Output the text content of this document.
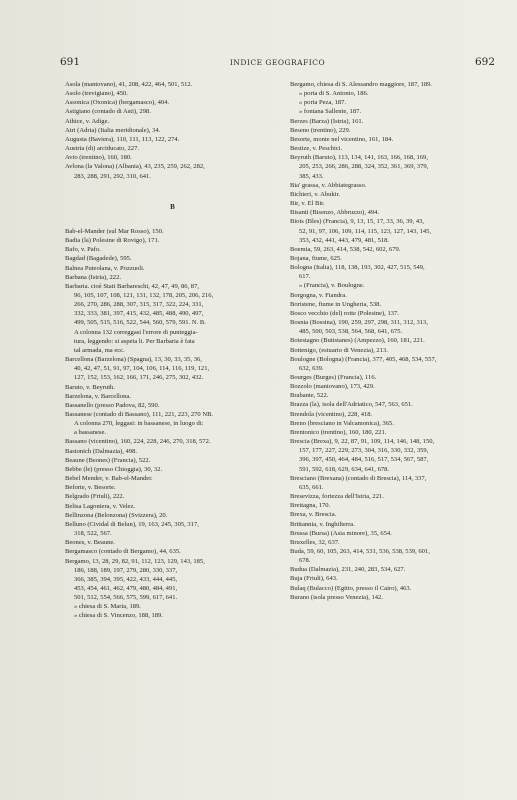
691	INDICE GEOGRAFICO	692
Asola (mantovano), 41, 208, 422, 464, 501, 512.
Asolo (trevigiano), 450.
Assonica (Oxonica) (bergamasco), 404.
Astigiano (contado di Asti), 298.
Athice, v. Adige.
Atri (Adria) (Italia meridionale), 34.
Augusta (Baviera), 110, 111, 113, 122, 274.
Austria (di) arciducato, 227.
Avio (trentino), 160, 180.
Avlona (la Valona) (Albania), 43, 235, 259, 262, 282,
283, 288, 291, 292, 310, 641.
B
Bab-el-Mander (sul Mar Rosso), 150.
Badia (la) Polesine di Rovigo), 171.
Bafo, v. Pafo.
Bagdad (Bagadede), 595.
Balnea Puteolana, v. Pozzuoli.
Barbana (Istria), 222.
Barbaria. cioè Stati Barbareschi, 42, 47, 49, 86, 87,
96, 105, 107, 108, 121, 131, 132, 178, 205, 206, 216,
266, 270, 286, 288, 307, 315, 317, 322, 224, 331,
332, 333, 381, 397, 415, 432, 485, 488, 490, 497,
499, 505, 515, 516, 522, 544, 560, 579, 591. N. B.
A colonna 132 correggasi l'errore di punteggia-
tura, leggendo: si aspeta li. Per Barbaria è fata
tal armada, ma ecc.
Barcellona (Barzelona) (Spagna), 13, 30, 33, 35, 36,
40, 42, 47, 51, 91, 97, 104, 106, 114, 116, 119, 121,
127, 152, 153, 162, 166, 171, 246, 275, 302, 432.
Baruto, v. Beyruth.
Barzelona, v. Barcellona.
Bassanello (presso Padova, 82, 590.
Bassanese (contado di Bassano), 111, 221, 223, 270 NB.
A colonna 270, leggasi: in bassanese, in luogo di:
a bassanese.
Bassano (vicentino), 160, 224, 228, 246, 270, 318, 572.
Bastonich (Dalmazia), 498.
Beaune (Beones) (Francia), 522.
Bebbe (le) (presso Chioggia), 30, 32.
Bebel Mender, v. Bab-el-Mander.
Beforte, v. Besorte.
Belgrado (Friuli), 222.
Belisa Lagoniera, v. Velez.
Bellinzona (Belonzona) (Svizzera), 20.
Belluno (Cividal di Belun), 19, 163, 245, 305, 317,
318, 522, 567.
Beones, v. Beaune.
Bergamasco (contado di Bergamo), 44, 635.
Bergamo, 13, 28, 29, 82, 91, 112, 123, 129, 143, 185,
186, 188, 189, 197, 279, 280, 330, 337,
366, 385, 394, 395, 422, 433, 444, 445,
453, 454, 461, 462, 479, 480, 484, 491,
501, 512, 554, 566, 575, 599, 617, 641.
» chiesa di S. Maria, 189.
» chiesa di S. Vincenzo, 188, 189.
Bergamo, chiesa di S. Alessandro maggiore, 187, 189.
» porta di S. Antonio, 186.
» porta Peza, 187.
» fontana Sallente, 187.
Berzes (Barza) (Istria), 161.
Beseno (trentino), 229.
Besorte, monte nel vicentino, 161, 184.
Bestize, v. Peschici.
Beyruth (Baruto), 113, 134, 141, 163, 166, 168, 169,
205, 253, 266, 286, 288, 324, 352, 361, 369, 379,
385, 433.
Bia' grassa, v. Abbiategrasso.
Bichieri, v. Abukir.
Bir, v. El Bir.
Bisanti (Bisenzo, Abbruzzo), 494.
Biois (Bles) (Francia), 9, 13, 15, 17, 33, 36, 39, 43,
52, 91, 97, 106, 109, 114, 115, 123, 127, 143, 145,
353, 432, 441, 443, 479, 481, 518.
Boemia, 59, 263, 414, 538, 542, 602, 679.
Bojana, fiume, 625.
Bologna (Italia), 118, 138, 193, 302, 427, 515, 549,
617.
» (Francia), v. Boulogne.
Borgogna, v. Fiandra.
Boristene, fiume in Ungheria, 538.
Bosco vecchio (del) rotte (Polesine), 137.
Bosnia (Bossina), 190, 259, 297, 298, 311, 312, 313,
485, 500, 503, 538, 564, 568, 641, 675.
Botestagno (Butistanes) (Ampezzo), 160, 181, 221.
Bottenigo, (estuario di Venezia), 213.
Boulogne (Bologna) (Francia), 377, 405, 468, 534, 557,
632, 639.
Bourges (Burges) (Francia), 116.
Bozzolo (mantovano), 173, 429.
Brabante, 522.
Brazza (la), isola dell'Adriatico, 547, 563, 651.
Brendola (vicentino), 228, 418.
Breno (bresciano in Valcamonica), 365.
Brentonico (trentino), 160, 180, 221.
Brescia (Brexa), 9, 22, 87, 91, 109, 114, 146, 148, 150,
157, 177, 227, 229, 273, 304, 316, 330, 332, 359,
396, 397, 450, 464, 484, 516, 517, 534, 567, 587,
591, 592, 618, 629, 634, 641, 678.
Bresciano (Brexana) (contado di Brescia), 114, 337,
635, 661.
Bresevizza, fortezza dell'Istria, 221.
Brettagna, 170.
Brexa, v. Brescia.
Brittannia, v. Inghilterra.
Brussa (Bursa) (Asia minore), 35, 654.
Bruxelles, 32, 637.
Buda, 59, 60, 105, 263, 414, 531, 536, 538, 539, 601,
678.
Budua (Dalmazia), 231, 240, 283, 534, 627.
Buja (Friuli), 643.
Bulaq (Bulacco) (Egitto, presso il Cairo), 463.
Burano (isola presso Venezia), 142.
